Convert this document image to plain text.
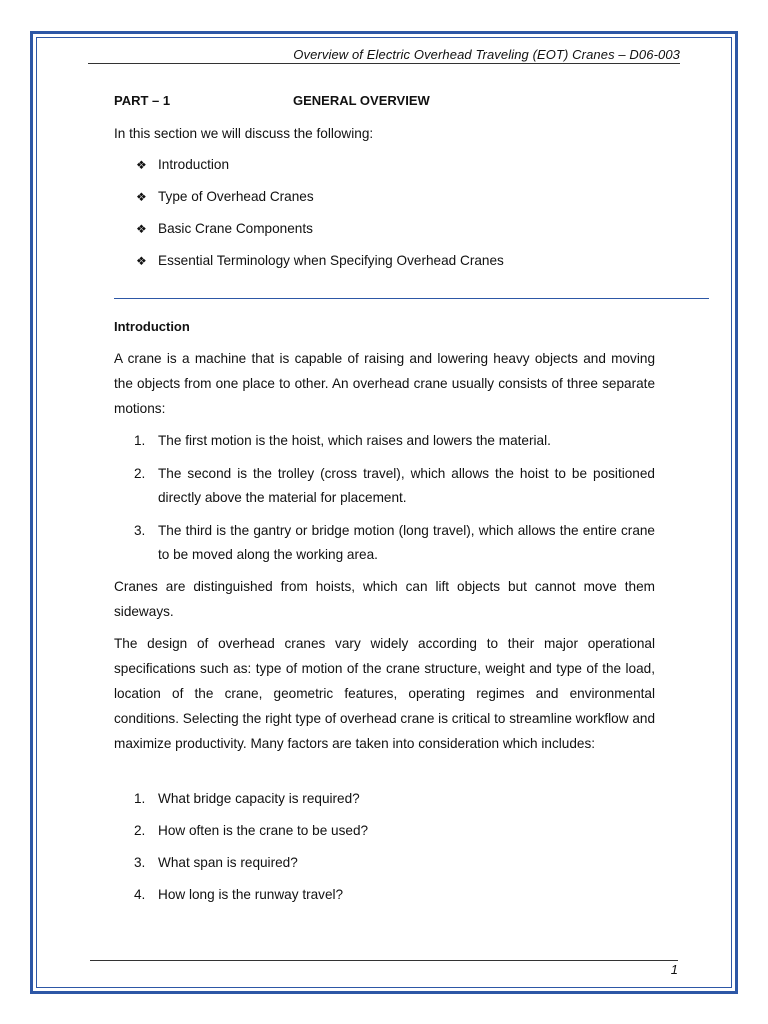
Overview of Electric Overhead Traveling (EOT) Cranes – D06-003
PART – 1	GENERAL OVERVIEW
In this section we will discuss the following:
❖ Introduction
❖ Type of Overhead Cranes
❖ Basic Crane Components
❖ Essential Terminology when Specifying Overhead Cranes
Introduction
A crane is a machine that is capable of raising and lowering heavy objects and moving the objects from one place to other. An overhead crane usually consists of three separate motions:
1. The first motion is the hoist, which raises and lowers the material.
2. The second is the trolley (cross travel), which allows the hoist to be positioned directly above the material for placement.
3. The third is the gantry or bridge motion (long travel), which allows the entire crane to be moved along the working area.
Cranes are distinguished from hoists, which can lift objects but cannot move them sideways.
The design of overhead cranes vary widely according to their major operational specifications such as: type of motion of the crane structure, weight and type of the load, location of the crane, geometric features, operating regimes and environmental conditions. Selecting the right type of overhead crane is critical to streamline workflow and maximize productivity. Many factors are taken into consideration which includes:
1. What bridge capacity is required?
2. How often is the crane to be used?
3. What span is required?
4. How long is the runway travel?
1
